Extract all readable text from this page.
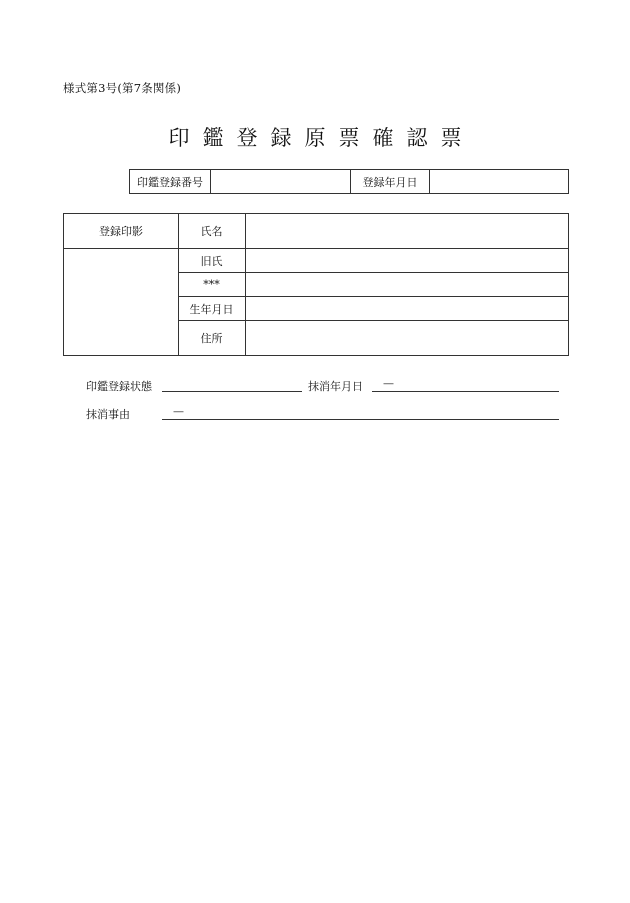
様式第3号(第7条関係)
印鑑登録原票確認票
印鑑登録番号	登録年月日
登録印影	氏名
旧氏
***
生年月日
住所
印鑑登録状態	抹消年月日 —
抹消事由	—
